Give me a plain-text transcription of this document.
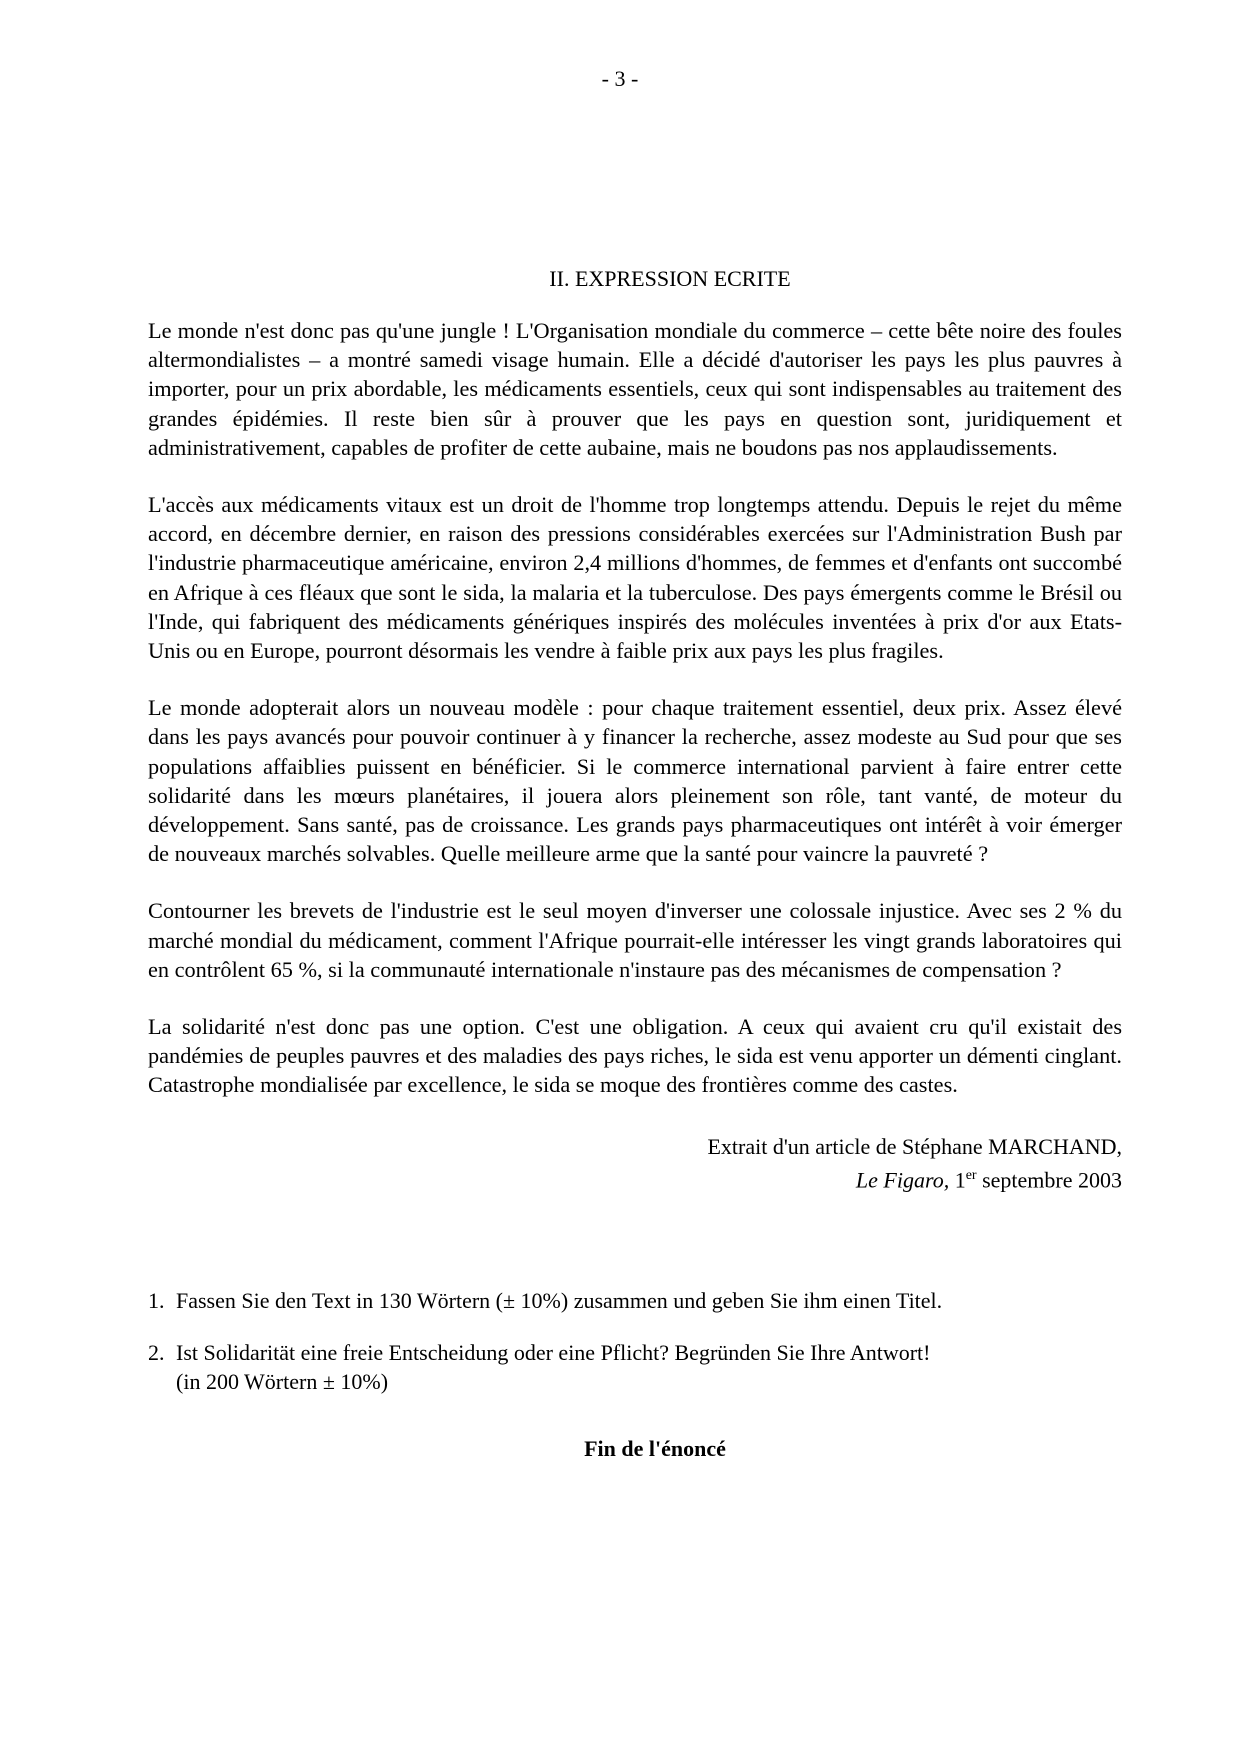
- 3 -
II. EXPRESSION ECRITE

Le monde n'est donc pas qu'une jungle ! L'Organisation mondiale du commerce – cette bête noire des foules altermondialistes – a montré samedi visage humain. Elle a décidé d'autoriser les pays les plus pauvres à importer, pour un prix abordable, les médicaments essentiels, ceux qui sont indispensables au traitement des grandes épidémies. Il reste bien sûr à prouver que les pays en question sont, juridiquement et administrativement, capables de profiter de cette aubaine, mais ne boudons pas nos applaudissements.

L'accès aux médicaments vitaux est un droit de l'homme trop longtemps attendu. Depuis le rejet du même accord, en décembre dernier, en raison des pressions considérables exercées sur l'Administration Bush par l'industrie pharmaceutique américaine, environ 2,4 millions d'hommes, de femmes et d'enfants ont succombé en Afrique à ces fléaux que sont le sida, la malaria et la tuberculose. Des pays émergents comme le Brésil ou l'Inde, qui fabriquent des médicaments génériques inspirés des molécules inventées à prix d'or aux Etats-Unis ou en Europe, pourront désormais les vendre à faible prix aux pays les plus fragiles.

Le monde adopterait alors un nouveau modèle : pour chaque traitement essentiel, deux prix. Assez élevé dans les pays avancés pour pouvoir continuer à y financer la recherche, assez modeste au Sud pour que ses populations affaiblies puissent en bénéficier. Si le commerce international parvient à faire entrer cette solidarité dans les mœurs planétaires, il jouera alors pleinement son rôle, tant vanté, de moteur du développement. Sans santé, pas de croissance. Les grands pays pharmaceutiques ont intérêt à voir émerger de nouveaux marchés solvables. Quelle meilleure arme que la santé pour vaincre la pauvreté ?

Contourner les brevets de l'industrie est le seul moyen d'inverser une colossale injustice. Avec ses 2 % du marché mondial du médicament, comment l'Afrique pourrait-elle intéresser les vingt grands laboratoires qui en contrôlent 65 %, si la communauté internationale n'instaure pas des mécanismes de compensation ?

La solidarité n'est donc pas une option. C'est une obligation. A ceux qui avaient cru qu'il existait des pandémies de peuples pauvres et des maladies des pays riches, le sida est venu apporter un démenti cinglant. Catastrophe mondialisée par excellence, le sida se moque des frontières comme des castes.

Extrait d'un article de Stéphane MARCHAND,
Le Figaro, 1er septembre 2003
1. Fassen Sie den Text in 130 Wörtern (± 10%) zusammen und geben Sie ihm einen Titel.
2. Ist Solidarität eine freie Entscheidung oder eine Pflicht? Begründen Sie Ihre Antwort!
(in 200 Wörtern ± 10%)
Fin de l'énoncé
